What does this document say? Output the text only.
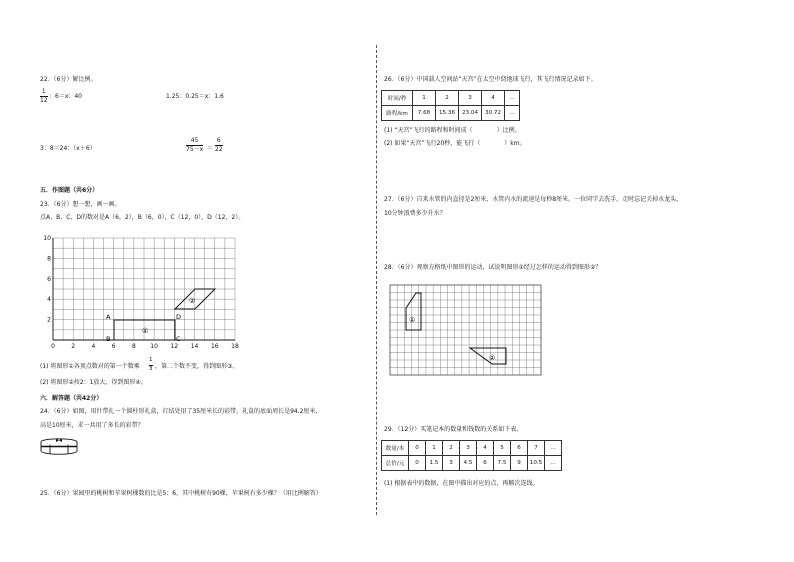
22．（6分）解比例。
1
12
：6＝x：40	1.25：0.25＝x：1.6
3：8＝24：（x＋6）
45
75－x ＝
6
22
五．作图题（共6分）
23．（6分）想一想，画一画。
点A、B、C、D的数对是A（6，2），B（6，0），C（12，0），D（12，2）。
0	2	4	6	8 10 12 14 16 18
2
4
6
8
10
A
B	C
D
①
②
(1) 将图形①各顶点数对的第一个数乘
1
3 ，第二个数不变，得到图形③。
(2) 将图形②按2：1放大，得到图形④。
六．解答题（共42分）
24．（6分）如图，用针带扎一个圆柱形礼盒，打结处用了35厘米长的彩带，礼盒的底面周长是94.2厘米，
高是10厘米，求一共用了多长的彩带？
25．（6分）果园里的桃树和苹果树棵数的比是5：6，其中桃树有90棵，苹果树有多少棵？（用比例解答）
26．（6分）中国载人空间站“天宫”在太空中绕地球飞行，其飞行情况记录如下。
时间/秒	1	2	3	4	…
路程/km	7.68	15.36	23.04	30.72	…
(1) “天宫”飞行的路程和时间成（　　　　）比例。
(2) 如果“天宫”飞行20秒，能飞行（　　　　）km。
27．（6分）自来水管的内直径是2厘米，水管内水的流速是每秒8厘米。一位同学去洗手，走时忘记关掉水龙头，
10分钟浪费多少升水？
28．（6分）观察方格纸中图形的运动，试说明图形①经过怎样的运动得到图形②？
①
②
29．（12分）买笔记本的数量和钱数的关系如下表。
数量/本	0	1	2	3	4	5	6	7	…
总价/元	0	1.5	3	4.5	6	7.5	9	10.5	…
(1) 根据表中的数据，在图中描出对应的点，再顺次连线。
